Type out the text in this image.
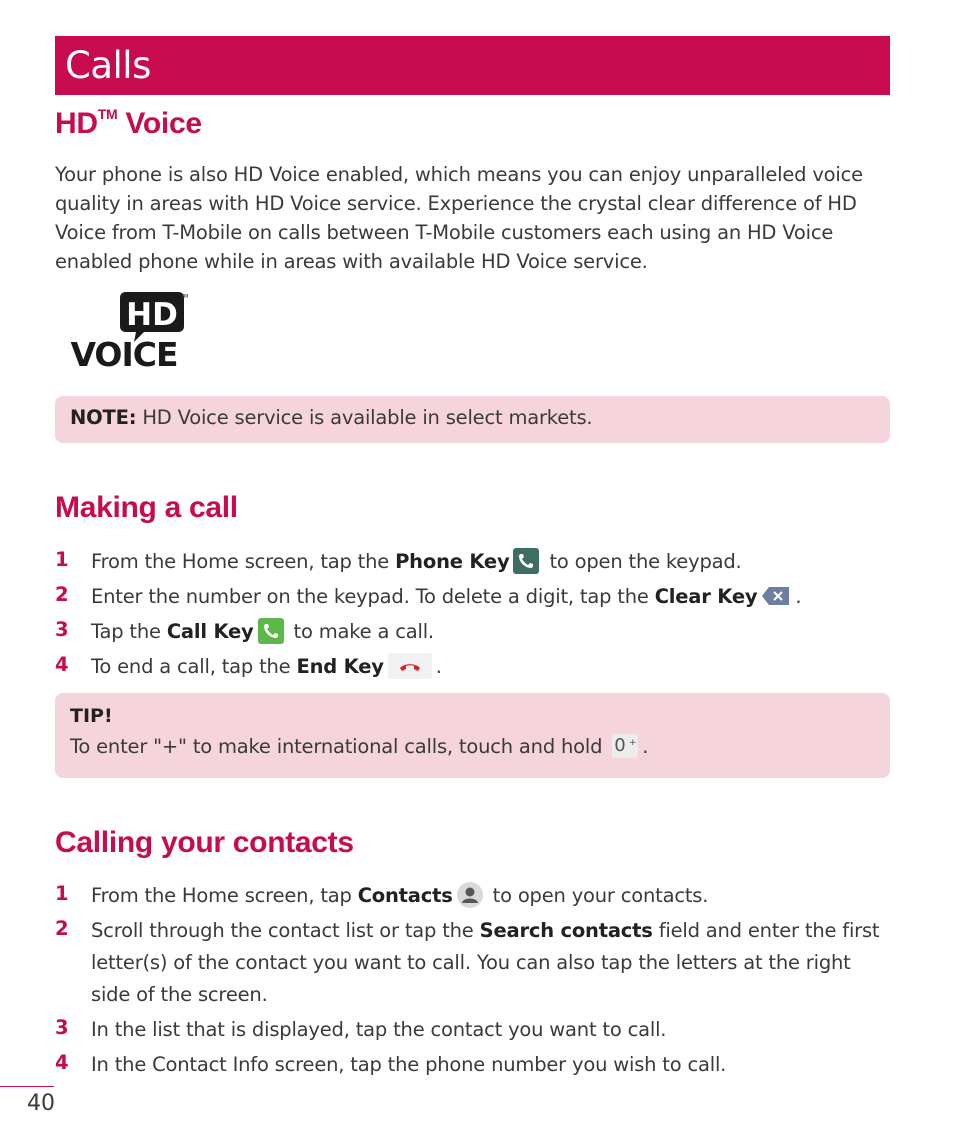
Calls
HD™ Voice
Your phone is also HD Voice enabled, which means you can enjoy unparalleled voice quality in areas with HD Voice service. Experience the crystal clear difference of HD Voice from T-Mobile on calls between T-Mobile customers each using an HD Voice enabled phone while in areas with available HD Voice service.
HD
VOICE
TM
NOTE: HD Voice service is available in select markets.
Making a call
1	From the Home screen, tap the Phone Key to open the keypad.
2	Enter the number on the keypad. To delete a digit, tap the Clear Key .
3	Tap the Call Key to make a call.
4	To end a call, tap the End Key	.
TIP!
To enter "+" to make international calls, touch and hold 0 + .
Calling your contacts
1	From the Home screen, tap Contacts to open your contacts.
2	Scroll through the contact list or tap the Search contacts field and enter the first letter(s) of the contact you want to call. You can also tap the letters at the right side of the screen.
3	In the list that is displayed, tap the contact you want to call.
4	In the Contact Info screen, tap the phone number you wish to call.
40
